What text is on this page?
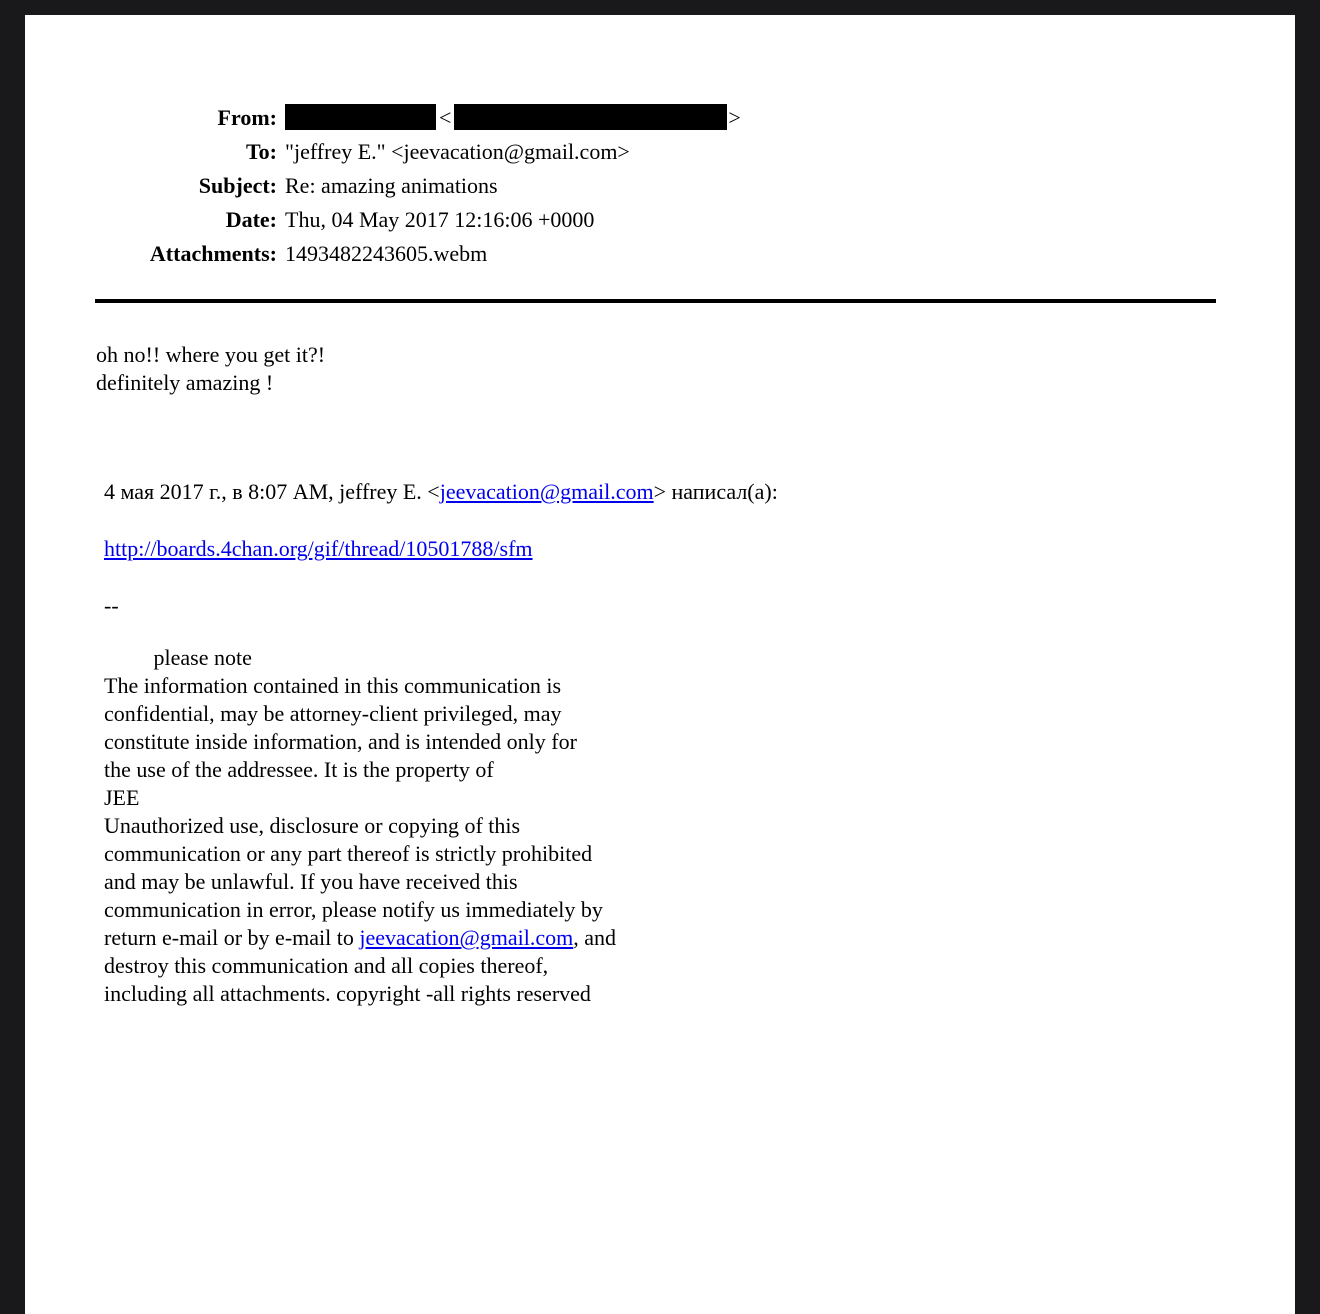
From:	<	>
To: "jeffrey E." <jeevacation@gmail.com>
Subject: Re: amazing animations
Date: Thu, 04 May 2017 12:16:06 +0000
Attachments: 1493482243605.webm
oh no!! where you get it?!
definitely amazing !
4 мая 2017 г., в 8:07 AM, jeffrey E. <jeevacation@gmail.com> написал(а):
http://boards.4chan.org/gif/thread/10501788/sfm
--
please note
The information contained in this communication is
confidential, may be attorney-client privileged, may
constitute inside information, and is intended only for
the use of the addressee. It is the property of
JEE
Unauthorized use, disclosure or copying of this
communication or any part thereof is strictly prohibited
and may be unlawful. If you have received this
communication in error, please notify us immediately by
return e-mail or by e-mail to jeevacation@gmail.com, and
destroy this communication and all copies thereof,
including all attachments. copyright -all rights reserved
